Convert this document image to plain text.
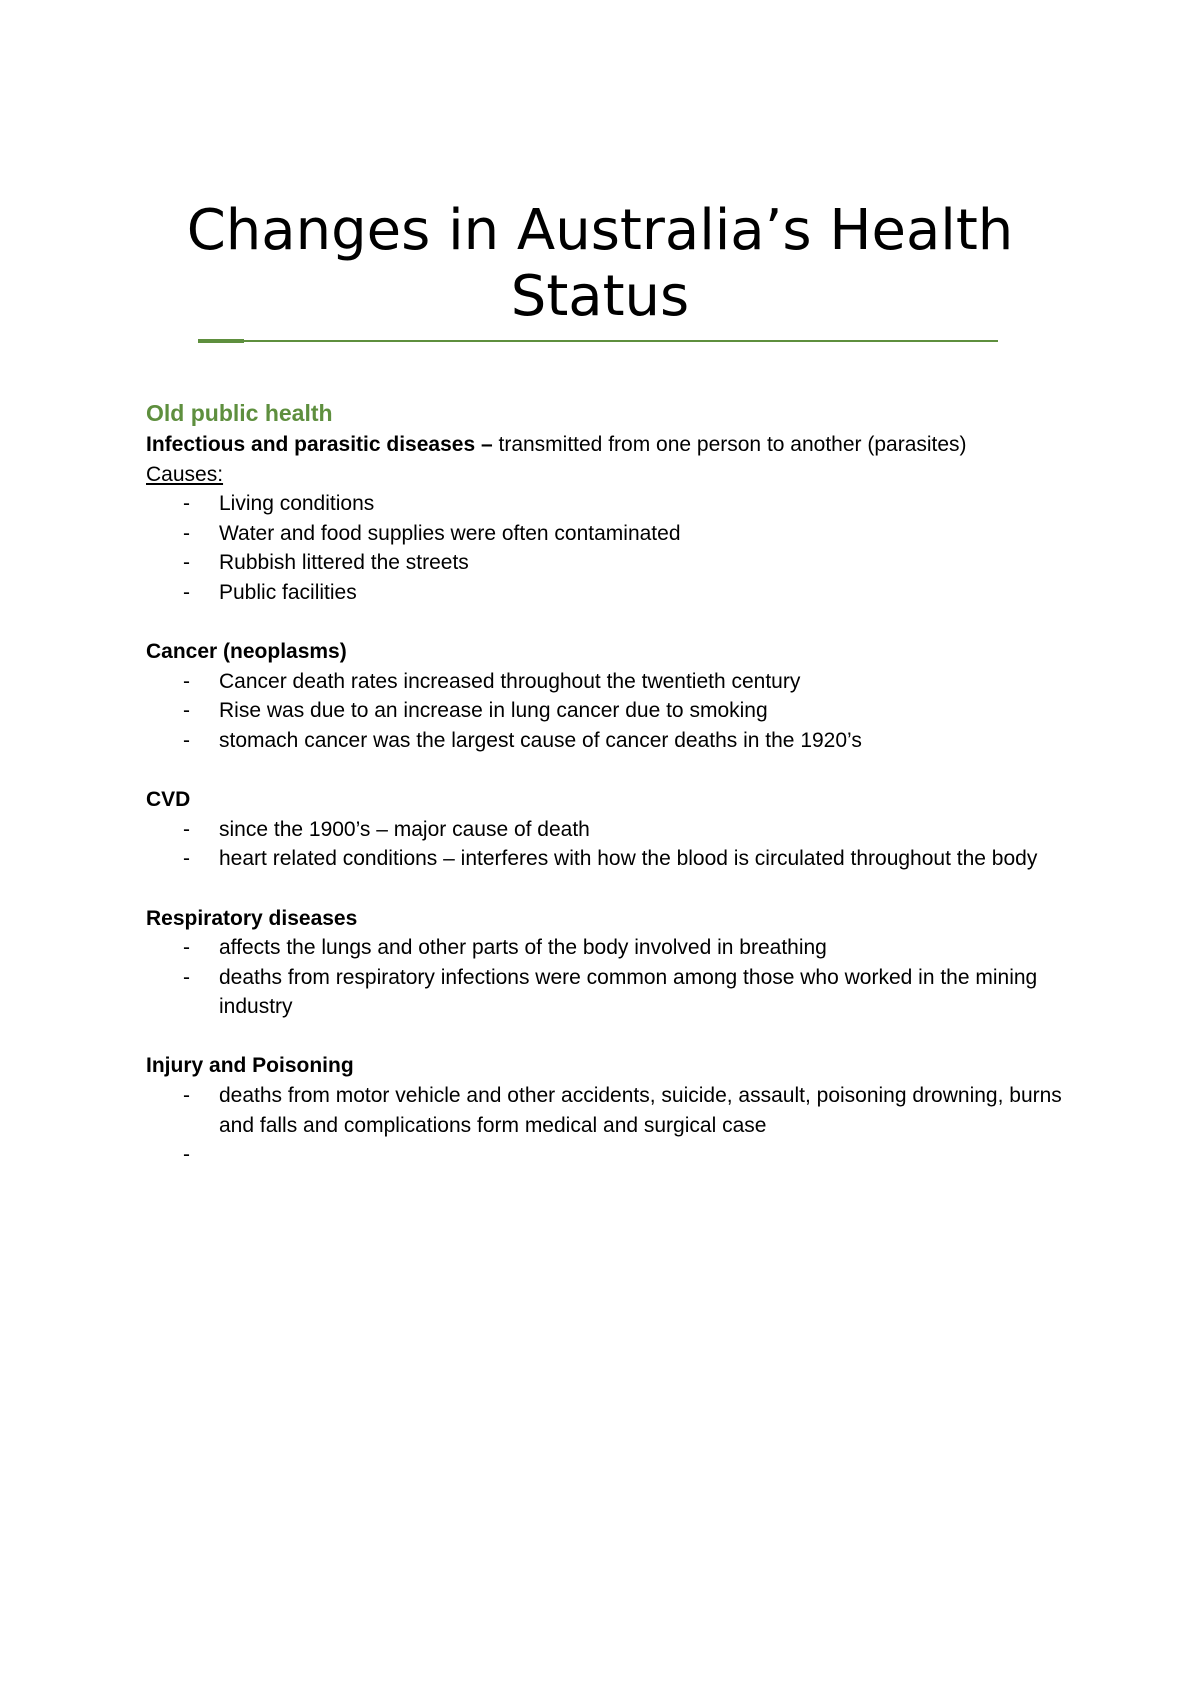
Changes in Australia’s Health
Status

Old public health

Infectious and parasitic diseases – transmitted from one person to another (parasites)

Causes:

- Living conditions
- Water and food supplies were often contaminated
- Rubbish littered the streets
- Public facilities

Cancer (neoplasms)

- Cancer death rates increased throughout the twentieth century
- Rise was due to an increase in lung cancer due to smoking
- stomach cancer was the largest cause of cancer deaths in the 1920’s

CVD

- since the 1900’s – major cause of death
- heart related conditions – interferes with how the blood is circulated throughout the body

Respiratory diseases

- affects the lungs and other parts of the body involved in breathing
- deaths from respiratory infections were common among those who worked in the mining industry

Injury and Poisoning

- deaths from motor vehicle and other accidents, suicide, assault, poisoning drowning, burns and falls and complications form medical and surgical case
-
